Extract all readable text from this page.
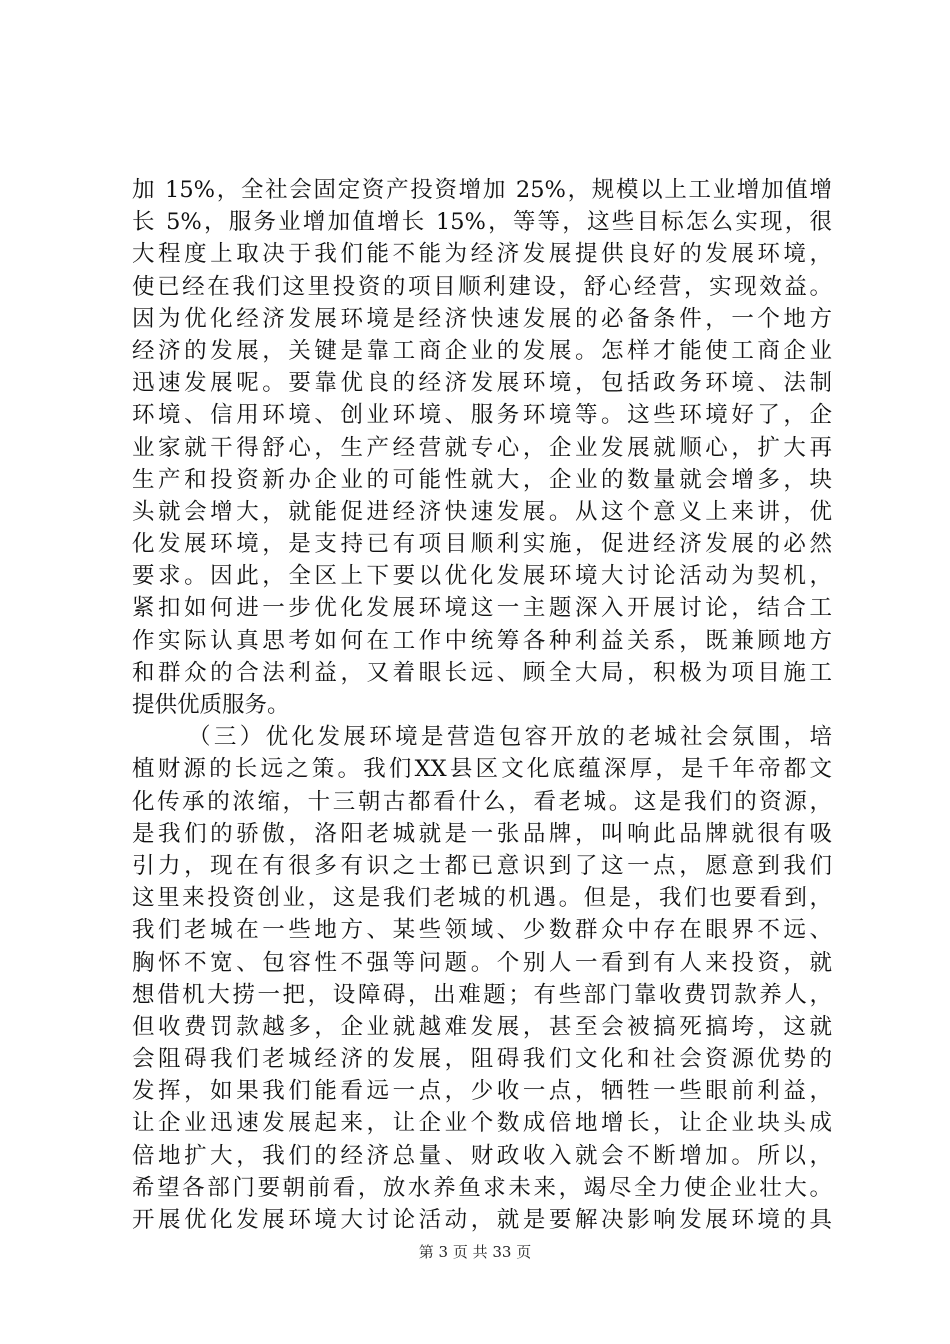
加 15%，全社会固定资产投资增加 25%，规模以上工业增加值增
长 5%，服务业增加值增长 15%，等等，这些目标怎么实现，很
大程度上取决于我们能不能为经济发展提供良好的发展环境，
使已经在我们这里投资的项目顺利建设，舒心经营，实现效益。
因为优化经济发展环境是经济快速发展的必备条件，一个地方
经济的发展，关键是靠工商企业的发展。怎样才能使工商企业
迅速发展呢。要靠优良的经济发展环境，包括政务环境、法制
环境、信用环境、创业环境、服务环境等。这些环境好了，企
业家就干得舒心，生产经营就专心，企业发展就顺心，扩大再
生产和投资新办企业的可能性就大，企业的数量就会增多，块
头就会增大，就能促进经济快速发展。从这个意义上来讲，优
化发展环境，是支持已有项目顺利实施，促进经济发展的必然
要求。因此，全区上下要以优化发展环境大讨论活动为契机，
紧扣如何进一步优化发展环境这一主题深入开展讨论，结合工
作实际认真思考如何在工作中统筹各种利益关系，既兼顾地方
和群众的合法利益，又着眼长远、顾全大局，积极为项目施工
提供优质服务。
（三）优化发展环境是营造包容开放的老城社会氛围，培
植财源的长远之策。我们XX县区文化底蕴深厚，是千年帝都文
化传承的浓缩，十三朝古都看什么，看老城。这是我们的资源，
是我们的骄傲，洛阳老城就是一张品牌，叫响此品牌就很有吸
引力，现在有很多有识之士都已意识到了这一点，愿意到我们
这里来投资创业，这是我们老城的机遇。但是，我们也要看到，
我们老城在一些地方、某些领域、少数群众中存在眼界不远、
胸怀不宽、包容性不强等问题。个别人一看到有人来投资，就
想借机大捞一把，设障碍，出难题；有些部门靠收费罚款养人，
但收费罚款越多，企业就越难发展，甚至会被搞死搞垮，这就
会阻碍我们老城经济的发展，阻碍我们文化和社会资源优势的
发挥，如果我们能看远一点，少收一点，牺牲一些眼前利益，
让企业迅速发展起来，让企业个数成倍地增长，让企业块头成
倍地扩大，我们的经济总量、财政收入就会不断增加。所以，
希望各部门要朝前看，放水养鱼求未来，竭尽全力使企业壮大。
开展优化发展环境大讨论活动，就是要解决影响发展环境的具
第 3 页 共 33 页
